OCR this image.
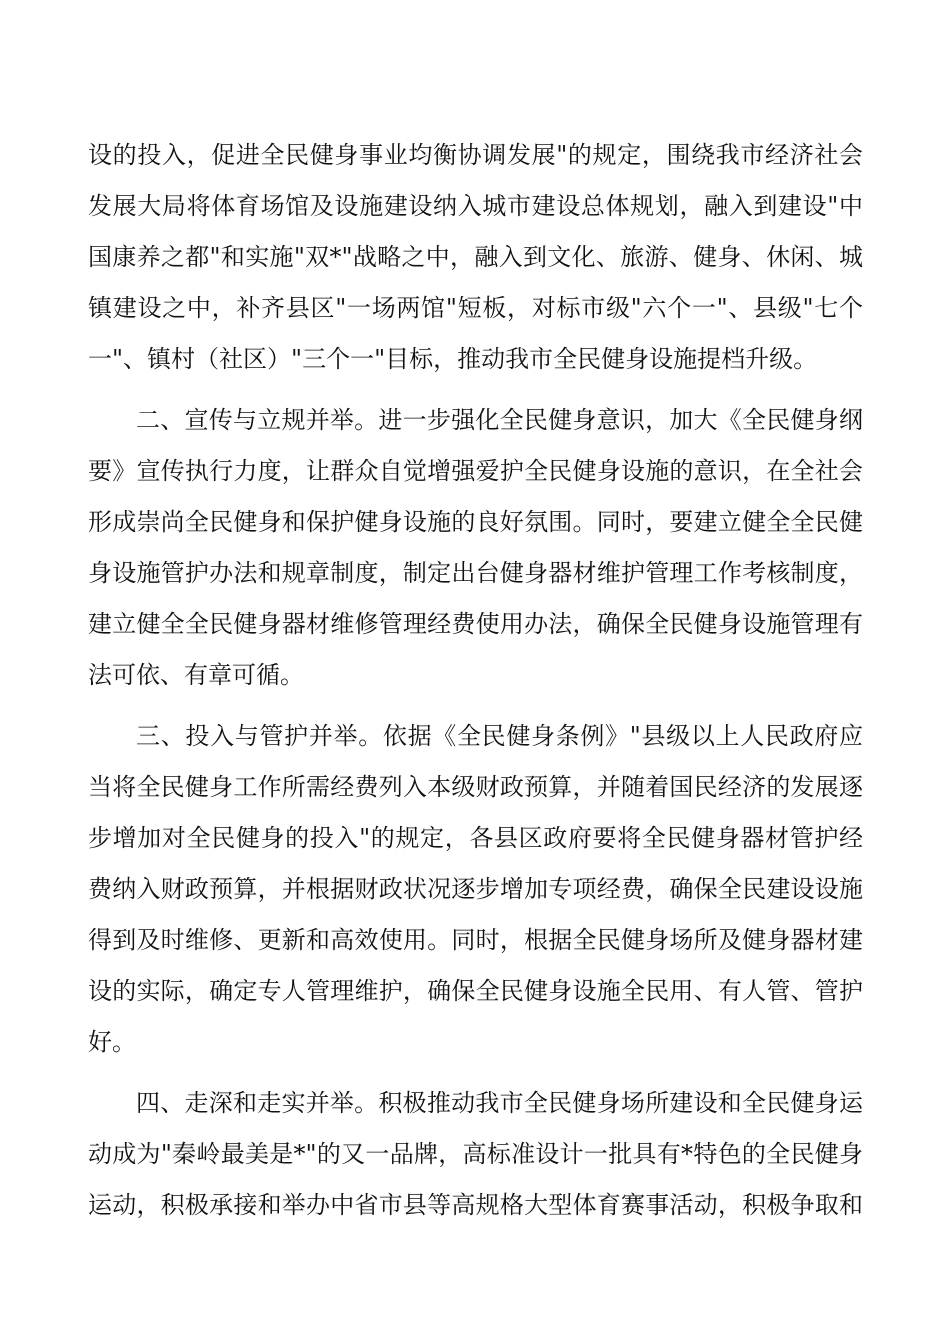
设的投入，促进全民健身事业均衡协调发展"的规定，围绕我市经济社会
发展大局将体育场馆及设施建设纳入城市建设总体规划，融入到建设"中
国康养之都"和实施"双*"战略之中，融入到文化、旅游、健身、休闲、城
镇建设之中，补齐县区"一场两馆"短板，对标市级"六个一"、县级"七个
一"、镇村（社区）"三个一"目标，推动我市全民健身设施提档升级。
二、宣传与立规并举。进一步强化全民健身意识，加大《全民健身纲
要》宣传执行力度，让群众自觉增强爱护全民健身设施的意识，在全社会
形成崇尚全民健身和保护健身设施的良好氛围。同时，要建立健全全民健
身设施管护办法和规章制度，制定出台健身器材维护管理工作考核制度，
建立健全全民健身器材维修管理经费使用办法，确保全民健身设施管理有
法可依、有章可循。
三、投入与管护并举。依据《全民健身条例》"县级以上人民政府应
当将全民健身工作所需经费列入本级财政预算，并随着国民经济的发展逐
步增加对全民健身的投入"的规定，各县区政府要将全民健身器材管护经
费纳入财政预算，并根据财政状况逐步增加专项经费，确保全民建设设施
得到及时维修、更新和高效使用。同时，根据全民健身场所及健身器材建
设的实际，确定专人管理维护，确保全民健身设施全民用、有人管、管护
好。
四、走深和走实并举。积极推动我市全民健身场所建设和全民健身运
动成为"秦岭最美是*"的又一品牌，高标准设计一批具有*特色的全民健身
运动，积极承接和举办中省市县等高规格大型体育赛事活动，积极争取和
